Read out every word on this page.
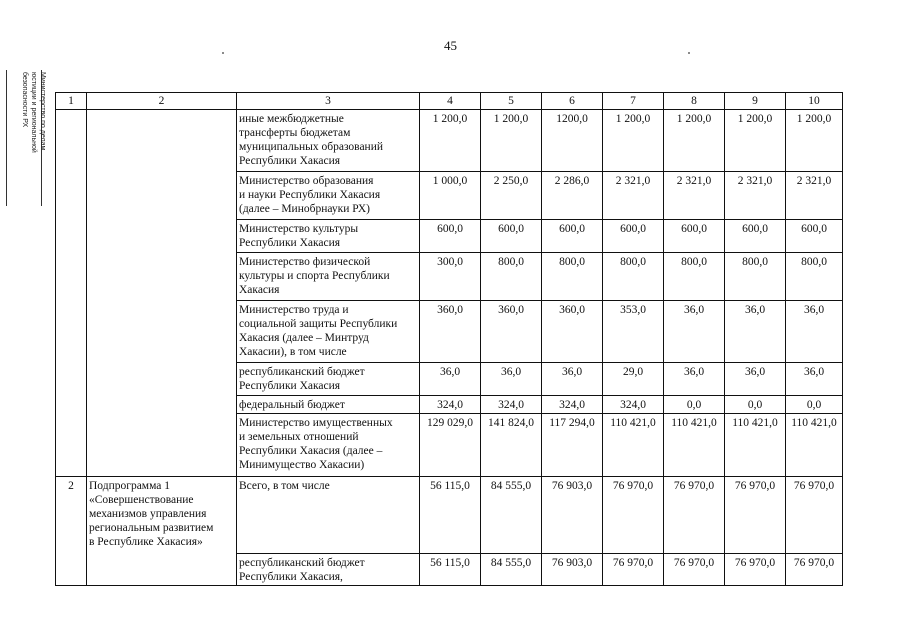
45
Министерство по делам
юстиции и региональной
безопасности РХ	1	2	3	4	5	6	7	8	9	10

		иные межбюджетные
трансферты бюджетам
муниципальных образований
Республики Хакасия	1 200,0	1 200,0	1200,0	1 200,0	1 200,0	1 200,0	1 200,0

		Министерство образования
и науки Республики Хакасия
(далее – Минобрнауки РХ)	1 000,0	2 250,0	2 286,0	2 321,0	2 321,0	2 321,0	2 321,0

		Министерство культуры
Республики Хакасия	600,0	600,0	600,0	600,0	600,0	600,0	600,0

		Министерство физической
культуры и спорта Республики
Хакасия	300,0	800,0	800,0	800,0	800,0	800,0	800,0

		Министерство труда и
социальной защиты Республики
Хакасия (далее – Минтруд
Хакасии), в том числе	360,0	360,0	360,0	353,0	36,0	36,0	36,0

		республиканский бюджет
Республики Хакасия	36,0	36,0	36,0	29,0	36,0	36,0	36,0

		федеральный бюджет	324,0	324,0	324,0	324,0	0,0	0,0	0,0

		Министерство имущественных
и земельных отношений
Республики Хакасия (далее –
Минимущество Хакасии)	129 029,0	141 824,0	117 294,0	110 421,0	110 421,0	110 421,0	110 421,0
2	Подпрограмма 1
«Совершенствование
механизмов управления
региональным развитием
в Республике Хакасия»	Всего, в том числе	56 115,0	84 555,0	76 903,0	76 970,0	76 970,0	76 970,0	76 970,0

		республиканский бюджет
Республики Хакасия,	56 115,0	84 555,0	76 903,0	76 970,0	76 970,0	76 970,0	76 970,0
